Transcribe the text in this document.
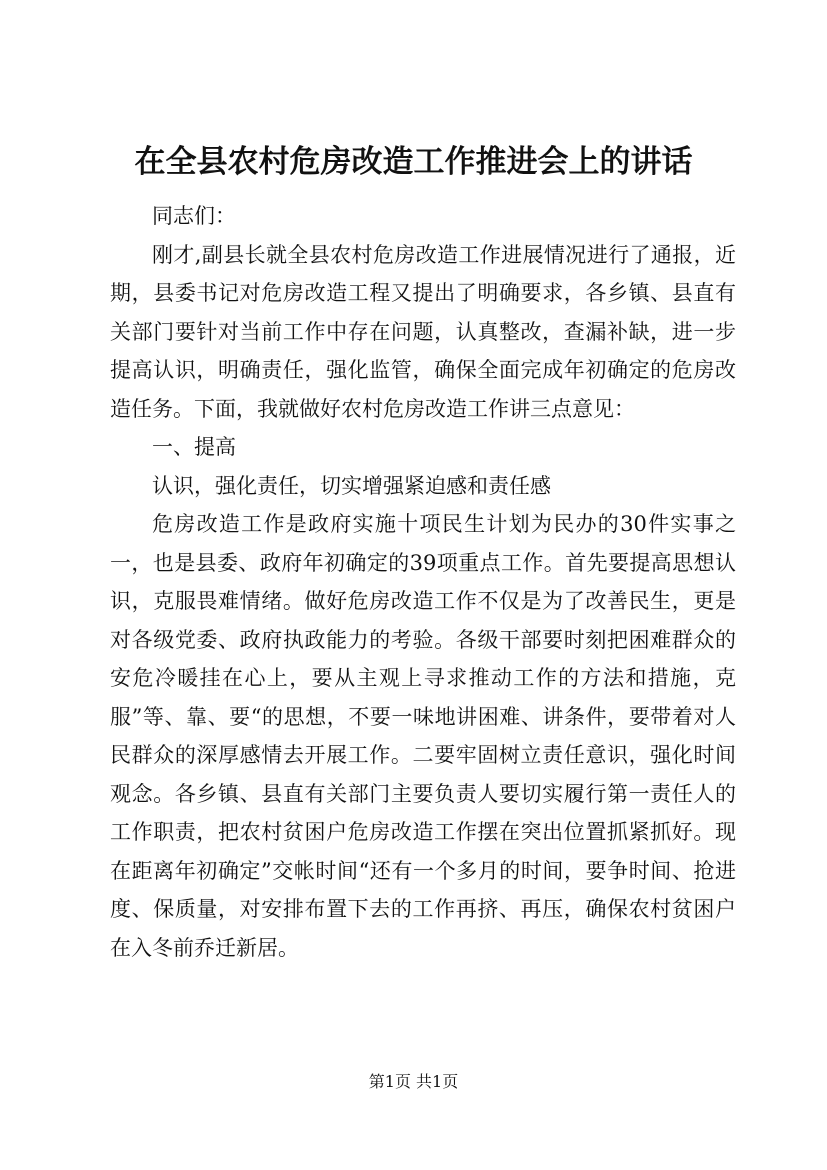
在全县农村危房改造工作推进会上的讲话

同志们：

刚才,副县长就全县农村危房改造工作进展情况进行了通报，近期，县委书记对危房改造工程又提出了明确要求，各乡镇、县直有关部门要针对当前工作中存在问题，认真整改，查漏补缺，进一步提高认识，明确责任，强化监管，确保全面完成年初确定的危房改造任务。下面，我就做好农村危房改造工作讲三点意见：

一、提高

认识，强化责任，切实增强紧迫感和责任感

危房改造工作是政府实施十项民生计划为民办的30件实事之一，也是县委、政府年初确定的39项重点工作。首先要提高思想认识，克服畏难情绪。做好危房改造工作不仅是为了改善民生，更是对各级党委、政府执政能力的考验。各级干部要时刻把困难群众的安危冷暖挂在心上，要从主观上寻求推动工作的方法和措施，克服”等、靠、要“的思想，不要一味地讲困难、讲条件，要带着对人民群众的深厚感情去开展工作。二要牢固树立责任意识，强化时间观念。各乡镇、县直有关部门主要负责人要切实履行第一责任人的工作职责，把农村贫困户危房改造工作摆在突出位置抓紧抓好。现在距离年初确定”交帐时间“还有一个多月的时间，要争时间、抢进度、保质量，对安排布置下去的工作再挤、再压，确保农村贫困户在入冬前乔迁新居。

第1页 共1页
